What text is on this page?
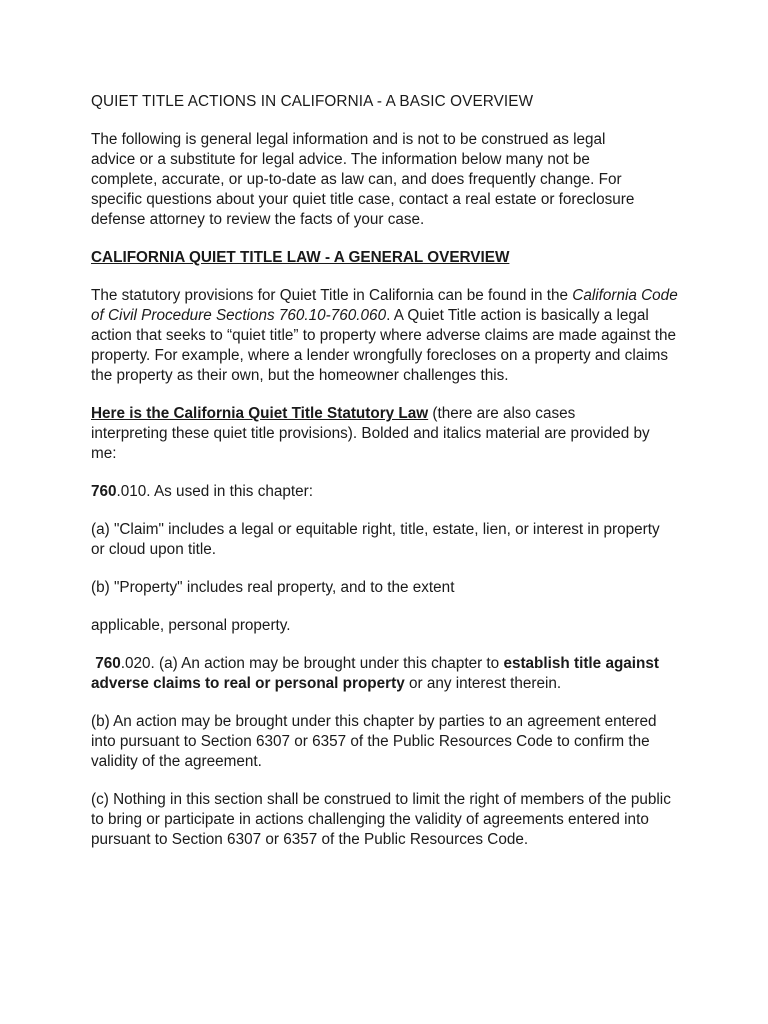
QUIET TITLE ACTIONS IN CALIFORNIA - A BASIC OVERVIEW

The following is general legal information and is not to be construed as legal advice or a substitute for legal advice. The information below many not be complete, accurate, or up-to-date as law can, and does frequently change. For specific questions about your quiet title case, contact a real estate or foreclosure defense attorney to review the facts of your case.

CALIFORNIA QUIET TITLE LAW - A GENERAL OVERVIEW

The statutory provisions for Quiet Title in California can be found in the California Code of Civil Procedure Sections 760.10-760.060. A Quiet Title action is basically a legal action that seeks to “quiet title” to property where adverse claims are made against the property. For example, where a lender wrongfully forecloses on a property and claims the property as their own, but the homeowner challenges this.

Here is the California Quiet Title Statutory Law (there are also cases interpreting these quiet title provisions). Bolded and italics material are provided by me:

760.010. As used in this chapter:

(a) "Claim" includes a legal or equitable right, title, estate, lien, or interest in property or cloud upon title.

(b) "Property" includes real property, and to the extent

applicable, personal property.

760.020. (a) An action may be brought under this chapter to establish title against adverse claims to real or personal property or any interest therein.

(b) An action may be brought under this chapter by parties to an agreement entered into pursuant to Section 6307 or 6357 of the Public Resources Code to confirm the validity of the agreement.

(c) Nothing in this section shall be construed to limit the right of members of the public to bring or participate in actions challenging the validity of agreements entered into pursuant to Section 6307 or 6357 of the Public Resources Code.
